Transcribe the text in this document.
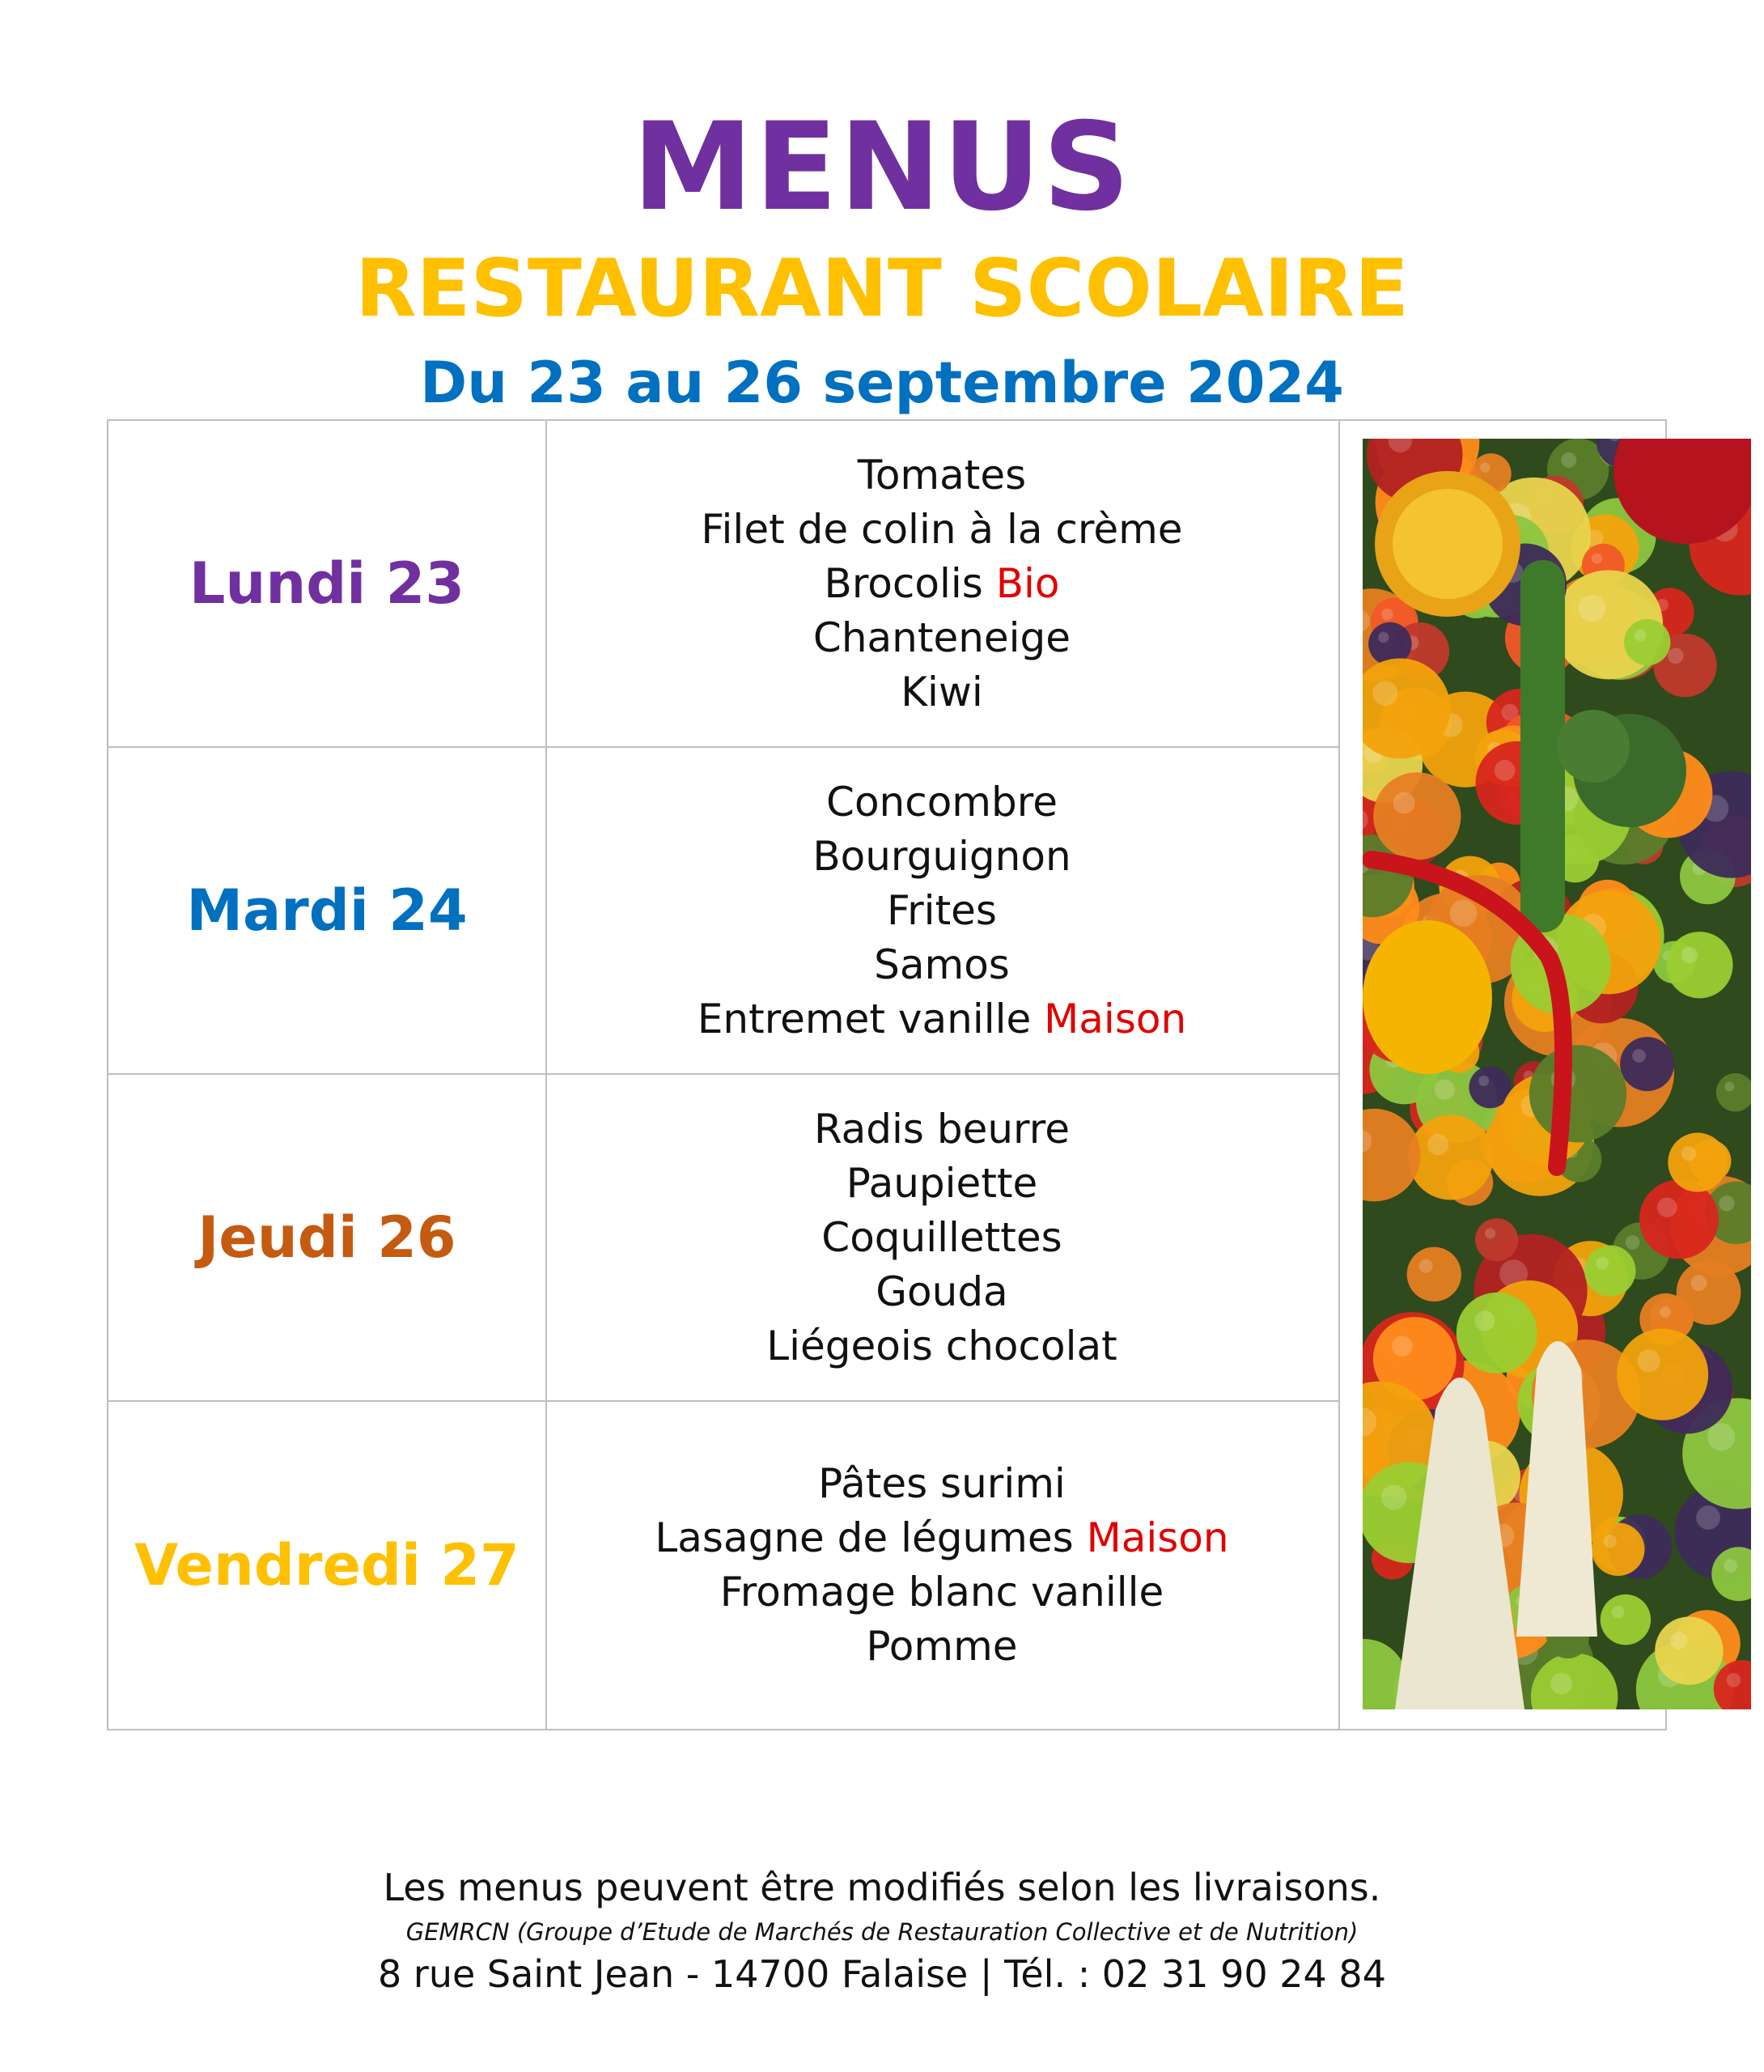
MENUS
RESTAURANT SCOLAIRE
Du 23 au 26 septembre 2024
Lundi 23
Mardi 24
Jeudi 26
Vendredi 27
Tomates
Filet de colin à la crème
Brocolis Bio
Chanteneige
Kiwi
Concombre
Bourguignon
Frites
Samos
Entremet vanille Maison
Radis beurre
Paupiette
Coquillettes
Gouda
Liégeois chocolat
Pâtes surimi
Lasagne de légumes Maison
Fromage blanc vanille
Pomme
Les menus peuvent être modifiés selon les livraisons.
GEMRCN (Groupe d’Etude de Marchés de Restauration Collective et de Nutrition)
8 rue Saint Jean - 14700 Falaise | Tél. : 02 31 90 24 84
